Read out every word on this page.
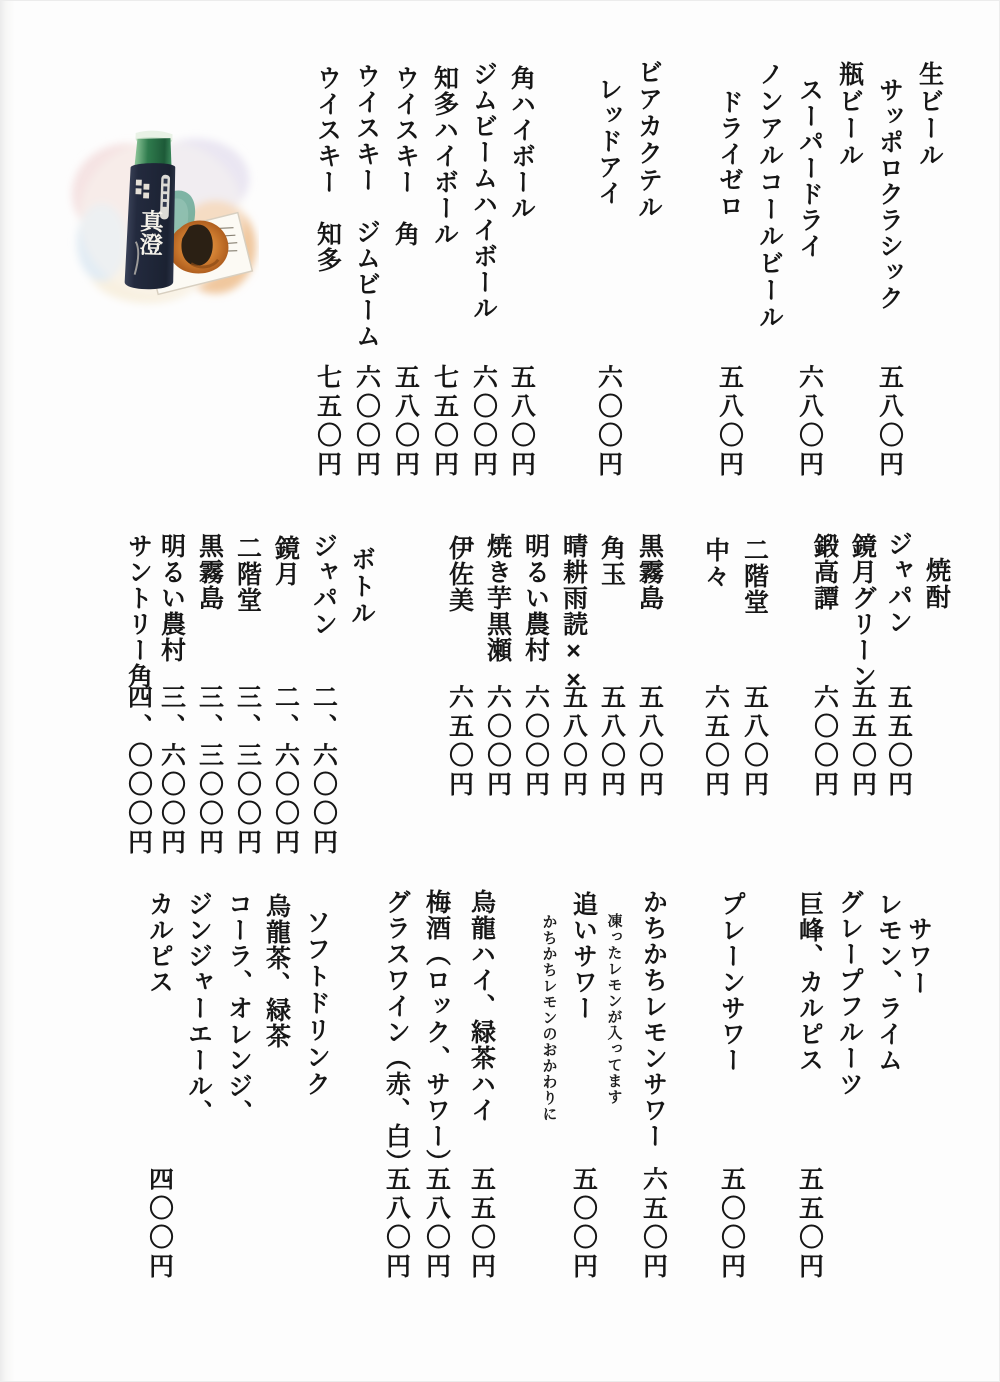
真澄
生ビール
サッポロクラシック
五八〇円
瓶ビール
スーパードライ
六八〇円
ノンアルコールビール
ドライゼロ
五八〇円
ビアカクテル
レッドアイ
六〇〇円
角ハイボール
五八〇円
ジムビームハイボール
六〇〇円
知多ハイボール
七五〇円
ウイスキー　角
五八〇円
ウイスキー　ジムビーム
六〇〇円
ウイスキー　知多
七五〇円
焼酎
ジャパン
五五〇円
鏡月グリーン
五五〇円
鍛高譚
六〇〇円
二階堂
五八〇円
中々
六五〇円
黒霧島
五八〇円
角玉
五八〇円
晴耕雨読××
五八〇円
明るい農村
六〇〇円
焼き芋黒瀬
六〇〇円
伊佐美
六五〇円
ボトル
ジャパン
二、六〇〇円
鏡月
二、六〇〇円
二階堂
三、三〇〇円
黒霧島
三、三〇〇円
明るい農村
三、六〇〇円
サントリー角
四、〇〇〇円
サワー
レモン、ライム
グレープフルーツ
巨峰、カルピス
五五〇円
プレーンサワー
五〇〇円
かちかちレモンサワー
六五〇円
凍ったレモンが入ってます
追いサワー
五〇〇円
かちかちレモンのおかわりに
烏龍ハイ、緑茶ハイ
五五〇円
梅酒（ロック、サワー）
五八〇円
グラスワイン（赤、白）
五八〇円
ソフトドリンク
烏龍茶、緑茶
コーラ、オレンジ、
ジンジャーエール、
カルピス
四〇〇円
